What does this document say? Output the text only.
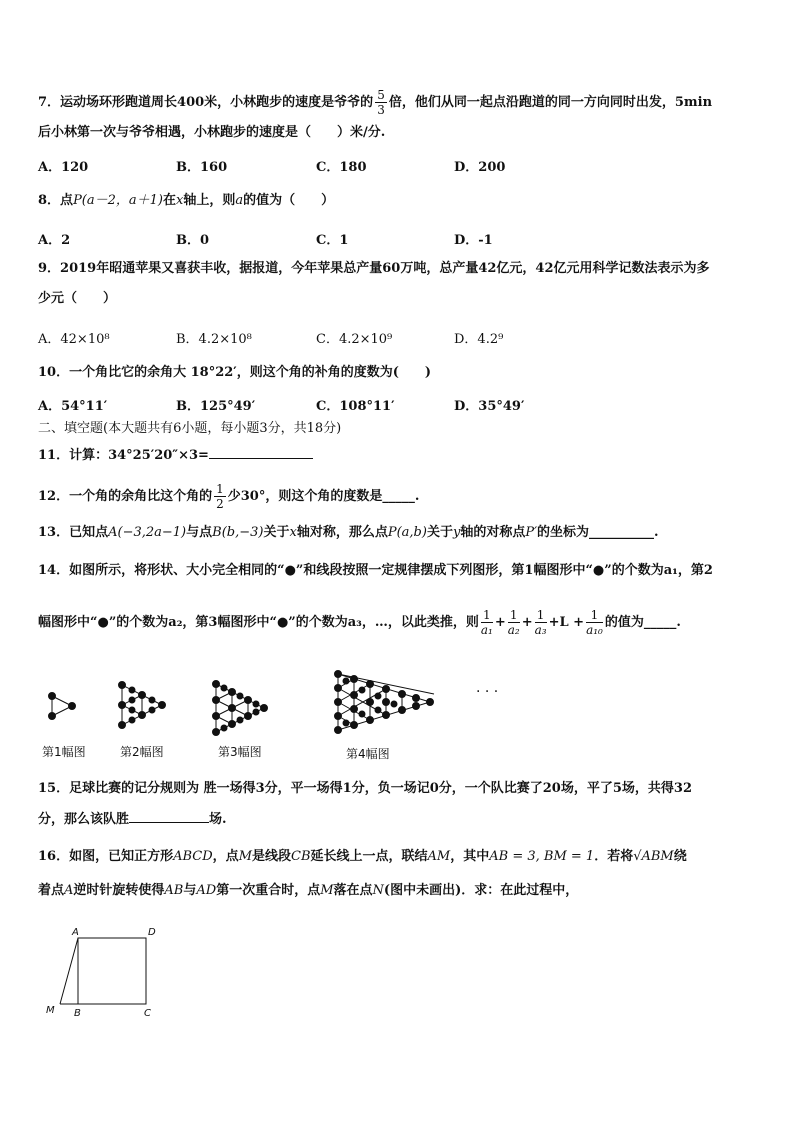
7．运动场环形跑道周长400米，小林跑步的速度是爷爷的 $\frac{5}{3}$ 倍，他们从同一起点沿跑道的同一方向同时出发，5min
后小林第一次与爷爷相遇，小林跑步的速度是（　　）米/分.
A．120	B．160	C．180	D．200
8．点P(a－2，a＋1)在x轴上，则a的值为（　　）
A．2	B．0	C．1	D．-1
9．2019年昭通苹果又喜获丰收，据报道，今年苹果总产量60万吨，总产量42亿元，42亿元用科学记数法表示为多
少元（　　）
A．42×10⁸	B．4.2×10⁸	C．4.2×10⁹	D．4.2⁹
10．一个角比它的余角大 18°22′，则这个角的补角的度数为(　　)
A．54°11′	B．125°49′	C．108°11′	D．35°49′
二、填空题(本大题共有6小题，每小题3分，共18分)
11．计算：34°25′20″×3=
12．一个角的余角比这个角的 $\frac{1}{2}$ 少30°，则这个角的度数是_____.
13．已知点A(−3,2a−1)与点B(b,−3)关于x轴对称，那么点P(a,b)关于y轴的对称点P′的坐标为__________.
14．如图所示，将形状、大小完全相同的“●”和线段按照一定规律摆成下列图形，第1幅图形中“●”的个数为a₁，第2
幅图形中“●”的个数为a₂，第3幅图形中“●”的个数为a₃，…，以此类推，则 $\frac{1}{\text{a₁}} + \frac{1}{\text{a₂}} + \frac{1}{\text{a₃}} +L + \frac{1}{\text{a₁₀}}$ 的值为_____.
· · ·
第1幅图	第2幅图	第3幅图	第4幅图
15．足球比赛的记分规则为 胜一场得3分，平一场得1分，负一场记0分，一个队比赛了20场，平了5场，共得32
分，那么该队胜	场.
16．如图，已知正方形ABCD，点M是线段CB延长线上一点，联结AM，其中AB = 3, BM = 1．若将√ABM绕
着点A逆时针旋转使得AB与AD第一次重合时，点M落在点N(图中未画出)．求：在此过程中，
A	D
B	C
M
